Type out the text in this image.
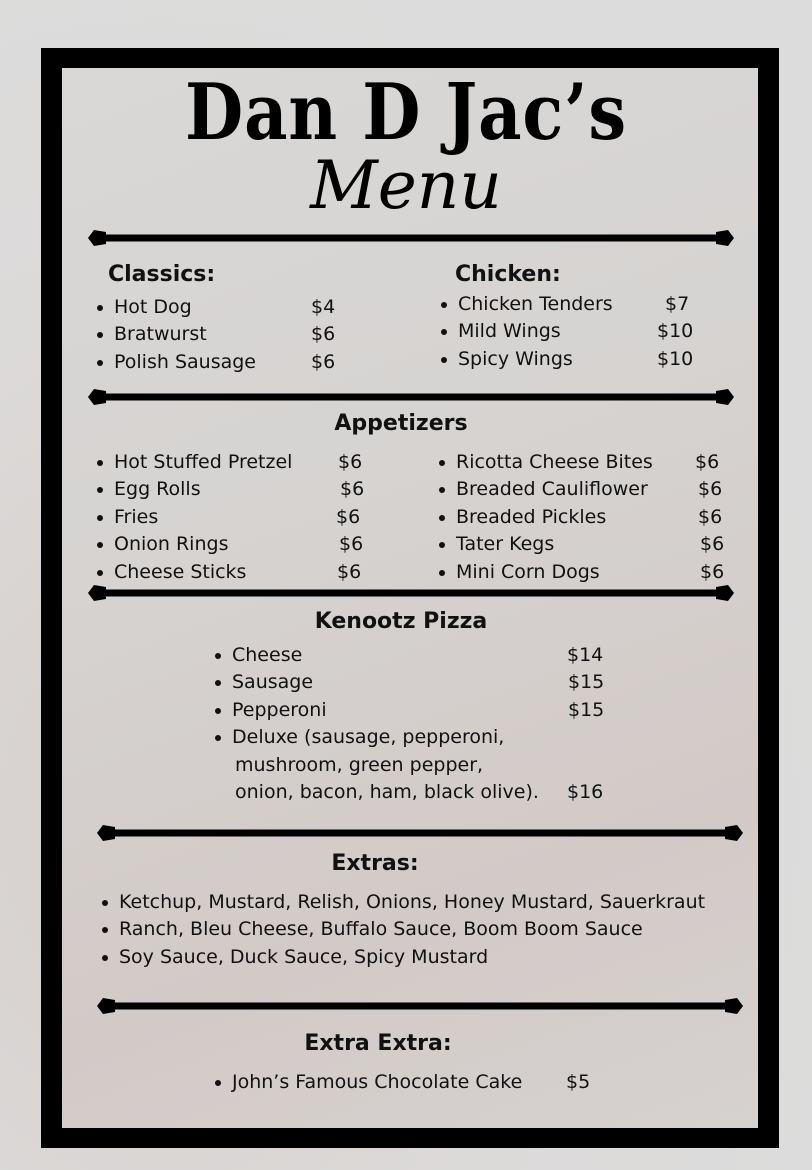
Dan D Jac’s
Menu
Classics:
Hot Dog	$4
Bratwurst	$6
Polish Sausage	$6
Chicken:
Chicken Tenders	$7
Mild Wings	$10
Spicy Wings	$10
Appetizers
Hot Stuffed Pretzel $6
Egg Rolls	$6
Fries	$6
Onion Rings	$6
Cheese Sticks	$6
Ricotta Cheese Bites $6
Breaded Cauliflower	$6
Breaded Pickles	$6
Tater Kegs	$6
Mini Corn Dogs	$6
Kenootz Pizza
Cheese	$14
Sausage	$15
Pepperoni	$15
Deluxe (sausage, pepperoni,
mushroom, green pepper,
onion, bacon, ham, black olive). $16
Extras:
Ketchup, Mustard, Relish, Onions, Honey Mustard, Sauerkraut
Ranch, Bleu Cheese, Buffalo Sauce, Boom Boom Sauce
Soy Sauce, Duck Sauce, Spicy Mustard
Extra Extra:
John’s Famous Chocolate Cake $5
